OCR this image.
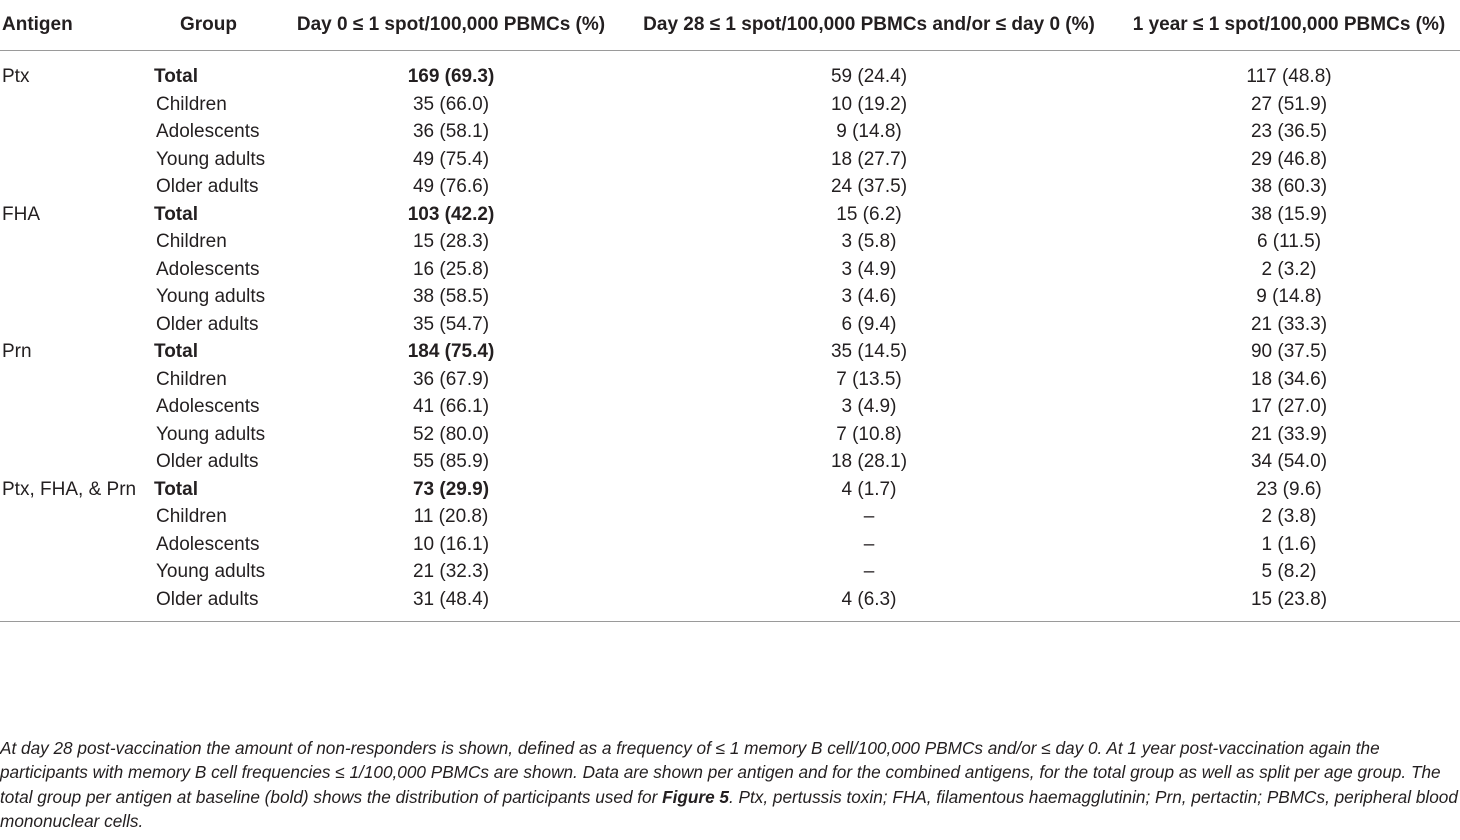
Antigen	Group	Day 0 ≤ 1 spot/100,000 PBMCs (%)	Day 28 ≤ 1 spot/100,000 PBMCs and/or ≤ day 0 (%)	1 year ≤ 1 spot/100,000 PBMCs (%)
Ptx	Total	169 (69.3)	59 (24.4)	117 (48.8)
	Children	35 (66.0)	10 (19.2)	27 (51.9)
	Adolescents	36 (58.1)	9 (14.8)	23 (36.5)
	Young adults	49 (75.4)	18 (27.7)	29 (46.8)
	Older adults	49 (76.6)	24 (37.5)	38 (60.3)
FHA	Total	103 (42.2)	15 (6.2)	38 (15.9)
	Children	15 (28.3)	3 (5.8)	6 (11.5)
	Adolescents	16 (25.8)	3 (4.9)	2 (3.2)
	Young adults	38 (58.5)	3 (4.6)	9 (14.8)
	Older adults	35 (54.7)	6 (9.4)	21 (33.3)
Prn	Total	184 (75.4)	35 (14.5)	90 (37.5)
	Children	36 (67.9)	7 (13.5)	18 (34.6)
	Adolescents	41 (66.1)	3 (4.9)	17 (27.0)
	Young adults	52 (80.0)	7 (10.8)	21 (33.9)
	Older adults	55 (85.9)	18 (28.1)	34 (54.0)
Ptx, FHA, & Prn	Total	73 (29.9)	4 (1.7)	23 (9.6)
	Children	11 (20.8)	–	2 (3.8)
	Adolescents	10 (16.1)	–	1 (1.6)
	Young adults	21 (32.3)	–	5 (8.2)
	Older adults	31 (48.4)	4 (6.3)	15 (23.8)
At day 28 post-vaccination the amount of non-responders is shown, defined as a frequency of ≤ 1 memory B cell/100,000 PBMCs and/or ≤ day 0. At 1 year post-vaccination again the participants with memory B cell frequencies ≤ 1/100,000 PBMCs are shown. Data are shown per antigen and for the combined antigens, for the total group as well as split per age group. The total group per antigen at baseline (bold) shows the distribution of participants used for Figure 5. Ptx, pertussis toxin; FHA, filamentous haemagglutinin; Prn, pertactin; PBMCs, peripheral blood mononuclear cells.
